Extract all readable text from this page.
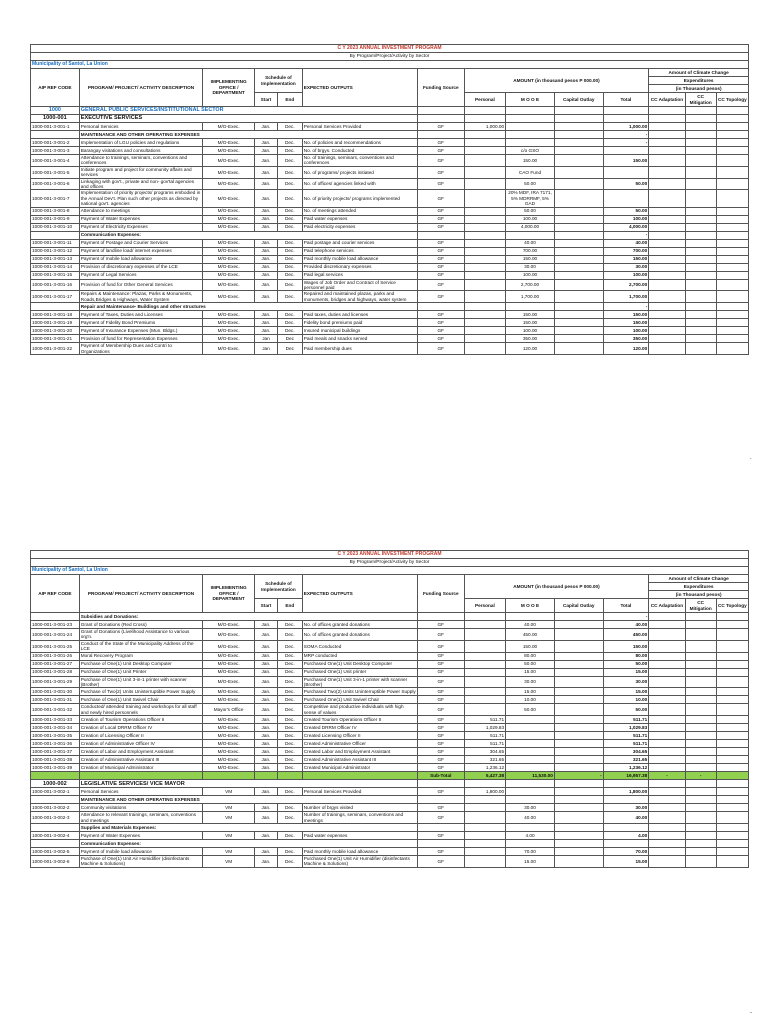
C Y 2023 ANNUAL INVESTMENT PROGRAM													
By Program/Project/Activity by Sector													
Municipality of Santol, La Union													
AIP REF CODE	PROGRAM/ PROJECT/ ACTIVITY DESCRIPTION	IMPLEMENTING OFFICE / DEPARTMENT	Schedule of Implementation		EXPECTED OUTPUTS	Funding Source	AMOUNT (in thousand pesos P 000.00)				Amount of Climate Change		
											Expenditures		
											(in Thousand pesos)		
			Start	End			Personal	M O O E	Capital Outlay	Total	CC Adaptation	CC Mitigation	CC Topology
1000	GENERAL PUBLIC SERVICES/INSTITUTIONAL SECTOR												
1000-001	EXECUTIVE SERVICES												
1000-001-3-001-1	Personal Services	M/O-Exec.	Jan.	Dec.	Personal Services Provided	GF	1,000.00			1,000.00			
	MAINTENANCE AND OTHER OPERATING EXPENSES									-			
1000-001-3-001-2	Implementation of LGU policies and regulations	M/O-Exec.	Jan.	Dec.	No. of policies and recommendations	GF				-			
1000-001-3-001-3	Barangay visitations and consultations	M/O-Exec.	Jan.	Dec.	No. of brgys. Conducted	GF		c/o GSO					
1000-001-3-001-4	Attendance to trainings, seminars, conventions and conferences	M/O-Exec.	Jan.	Dec.	No. of trainings, seminars, conventions and conferences	GF		150.00		150.00			
1000-001-3-001-5	Initiate program and project for community affairs and services	M/O-Exec.	Jan.	Dec.	No. of programs/ projects initiated	GF		CAO Fund					
1000-001-3-001-6	Linkaging with gov't., private and non- gov'tal agencies and offices	M/O-Exec.	Jan.	Dec.	No. of offices/ agencies linked with	GF		50.00		50.00			
1000-001-3-001-7	Implementation of priority projects/ programs embodied in the Annual Dev't. Plan such other projects as directed by national gov't. agencies	M/O-Exec.	Jan.	Dec.	No. of priority projects/ programs implemented	GF		20% MDF, IRA 7171, 5% MDRRMF, 5% GAD					
1000-001-3-001-8	Attendance to meetings	M/O-Exec.	Jan.	Dec.	No. of meetings attended	GF		50.00		50.00			
1000-001-3-001-9	Payment of Water Expenses	M/O-Exec.	Jan.	Dec.	Paid water expenses	GF		100.00		100.00			
1000-001-3-001-10	Payment of Electricity Expenses	M/O-Exec.	Jan.	Dec.	Paid electricity expenses	GF		4,000.00		4,000.00			
	Communication Expenses:									-			
1000-001-3-001-11	Payment of Postage and Courier Services	M/O-Exec.	Jan.	Dec.	Paid postage and courier services	GF		40.00		40.00			
1000-001-3-001-12	Payment of landline load/ internet expenses	M/O-Exec.	Jan.	Dec.	Paid telephone services	GF		700.00		700.00			
1000-001-3-001-13	Payment of mobile load allowance	M/O-Exec.	Jan.	Dec.	Paid monthly mobile load allowance	GF		150.00		150.00			
1000-001-3-001-14	Provision of discretionary expenses of the LCE	M/O-Exec.	Jan.	Dec.	Provided discretionary expenses	GF		30.00		30.00			
1000-001-3-001-15	Payment of Legal Services	M/O-Exec.	Jan.	Dec.	Paid legal services	GF		100.00		100.00			
1000-001-3-001-16	Provision of fund for Other General Services	M/O-Exec.	Jan.	Dec.	Wages of Job Order and Contract of Service personnel paid	GF		2,700.00		2,700.00			
1000-001-3-001-17	Repairs & Maintenance: Plazas, Parks & Monuments, Roads,Bridges & Highways, Water System	M/O-Exec.	Jan.	Dec.	Repaired and maintained plazas, parks and monuments, bridges and highways, water system	GF		1,700.00		1,700.00			
	Repair and Maintenance- Buildings and other structures									-			
1000-001-3-001-18	Payment of Taxes, Duties and Licenses	M/O-Exec.	Jan.	Dec.	Paid taxes, duties and licenses	GF		150.00		150.00			
1000-001-3-001-19	Payment of Fidelity Bond Premiums	M/O-Exec.	Jan.	Dec.	Fidelity bond premiums paid	GF		150.00		150.00			
1000-001-3-001-20	Payment of Insurance Expenses (Mun. Bldgs.)	M/O-Exec.	Jan.	Dec.	Insured municipal buildings	GF		100.00		100.00			
1000-001-3-001-21	Provision of fund for Representation Expenses	M/O-Exec.	Jan	Dec	Paid meals and snacks served	GF		350.00		350.00			
1000-001-3-001-22	Payment of Membership Dues and Contri to Organizations	M/O-Exec.	Jan	Dec	Paid membership dues	GF		120.00		120.00			
C Y 2023 ANNUAL INVESTMENT PROGRAM													
By Program/Project/Activity by Sector													
Municipality of Santol, La Union													
AIP REF CODE	PROGRAM/ PROJECT/ ACTIVITY DESCRIPTION	IMPLEMENTING OFFICE / DEPARTMENT	Schedule of Implementation		EXPECTED OUTPUTS	Funding Source	AMOUNT (in thousand pesos P 000.00)				Amount of Climate Change		
											Expenditures		
											(in Thousand pesos)		
			Start	End			Personal	M O O E	Capital Outlay	Total	CC Adaptation	CC Mitigation	CC Topology
	Subsidies and Donations:									-			
1000-001-3-001-23	Grant of Donations (Red Cross)	M/O-Exec.	Jan.	Dec.	No. of offices granted donations	GF		40.00		40.00			
1000-001-3-001-24	Grant of Donations (Livelihood Assistance to various org'n.	M/O-Exec.	Jan.	Dec.	No. of offices granted donations	GF		450.00		450.00			
1000-001-3-001-25	Conduct of the State of the Municipality Address of the LCE	M/O-Exec.	Jan.	Dec.	SOMA Conducted	GF		150.00		150.00			
1000-001-3-001-26	Moral Recovery Program	M/O-Exec.	Jan.	Dec.	MRP conducted	GF		80.00		80.00			
1000-001-3-001-27	Purchase of One(1) Unit Desktop Computer	M/O-Exec.	Jan.	Dec.	Purchased One(1) Unit Desktop Computer	GF		50.00		50.00			
1000-001-3-001-28	Purchase of One(1) Unit Printer	M/O-Exec.	Jan.	Dec.	Purchased One(1) Unit printer	GF		15.00		15.00			
1000-001-3-001-29	Purchase of One(1) Unit 3-in-1 printer with scanner (Brother)	M/O-Exec.	Jan.	Dec.	Purchased One(1) Unit 3-in-1 printer with scanner (Brother)	GF		30.00		30.00			
1000-001-3-001-30	Purchase of Two(2) Units Uninterruptible Power Supply	M/O-Exec.	Jan.	Dec.	Purchased Two(2) Units Uninterruptible Power Supply	GF		15.00		15.00			
1000-001-3-001-31	Purchase of One(1) Unit Swivel Chair	M/O-Exec.	Jan.	Dec.	Purchased One(1) Unit Swivel Chair	GF		10.00		10.00			
1000-001-3-001-32	Conducted/ attended training and workshops for all staff and newly hired personnels	Mayor's Office	Jan.	Dec.	Competitive and productive individuals with high sense of values	GF		50.00		50.00			
1000-001-3-001-33	Creation of Tourism Operations Officer II	M/O-Exec.	Jan.	Dec.	Created Tourism Operations Officer II	GF	511.71			511.71			
1000-001-3-001-34	Creation of Local DRRM Officer IV	M/O-Exec.	Jan.	Dec.	Created DRRM Officer IV	GF	1,029.83			1,029.83			
1000-001-3-001-35	Creation of Licensing Officer II	M/O-Exec.	Jan.	Dec.	Created Licensing Officer II	GF	511.71			511.71			
1000-001-3-001-36	Creation of Administrative Officer IV	M/O-Exec.	Jan.	Dec.	Created Administrative Officer	GF	511.71			511.71			
1000-001-3-001-37	Creation of Labor and Employment Assistant	M/O-Exec.	Jan.	Dec.	Created Labor and Employment Assistant	GF	304.65			304.65			
1000-001-3-001-38	Creation of Administrative Assistant III	M/O-Exec.	Jan.	Dec.	Created Administrative Assistant III	GF	321.65			321.65			
1000-001-3-001-39	Creation of Municipal Administrator	M/O-Exec.	Jan.	Dec.	Created Municipal Administrator	GF	1,236.12			1,236.12			
						Sub-Total	5,427.38	11,530.00	-	16,957.38	-	-	
1000-002	LEGISLATIVE SERVICES/ VICE MAYOR												
1000-001-3-002-1	Personal Services	VM	Jan.	Dec.	Personal Services Provided	GF	1,800.00			1,800.00			
	MAINTENANCE AND OTHER OPERATING EXPENSES												
1000-001-3-002-2	Community visitations	VM	Jan.	Dec.	Number of brgys visited	GF		30.00		30.00			
1000-001-3-002-3	Attendance to relevant trainings, seminars, conventions and meetings	VM	Jan.	Dec.	Number of trainings, seminars, conventions and meetings	GF		40.00		40.00			
	Supplies and Materials Expenses:												
1000-001-3-002-4	Payment of Water Expenses	VM	Jan.	Dec.	Paid water expenses	GF		4.00		4.00			
	Communication Expenses:												
1000-001-3-002-5	Payment of mobile load allowance	VM	Jan.	Dec.	Paid monthly mobile load allowance	GF		70.00		70.00			
1000-001-3-002-6	Purchase of One(1) Unit Air Humidifier (disinfectants Machine & Solutions)	VM	Jan.	Dec.	Purchased One(1) Unit Air Humidifier (disinfectants Machine & Solutions)	GF		15.00		15.00			
.
-
